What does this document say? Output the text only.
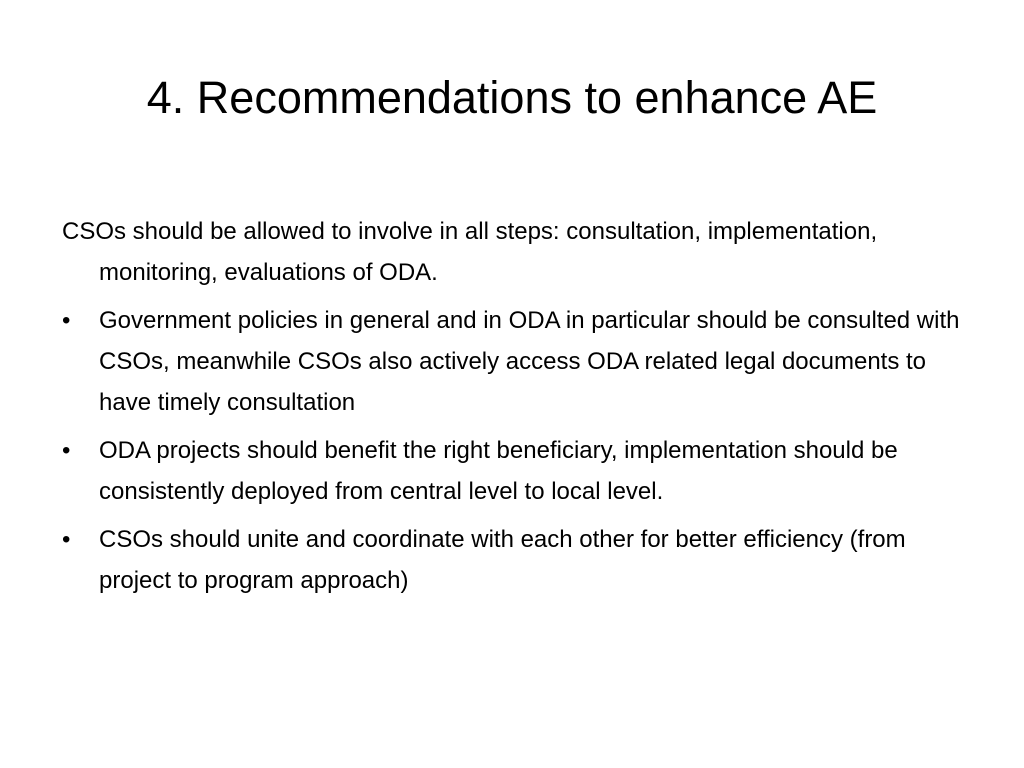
4. Recommendations to enhance AE

CSOs should be allowed to involve in all steps: consultation, implementation, monitoring, evaluations of ODA.

•	Government policies in general and in ODA in particular should be consulted with CSOs, meanwhile CSOs also actively access ODA related legal documents to have timely consultation
•	ODA projects should benefit the right beneficiary, implementation should be consistently deployed from central level to local level.
•	CSOs should unite and coordinate with each other for better efficiency (from project to program approach)
